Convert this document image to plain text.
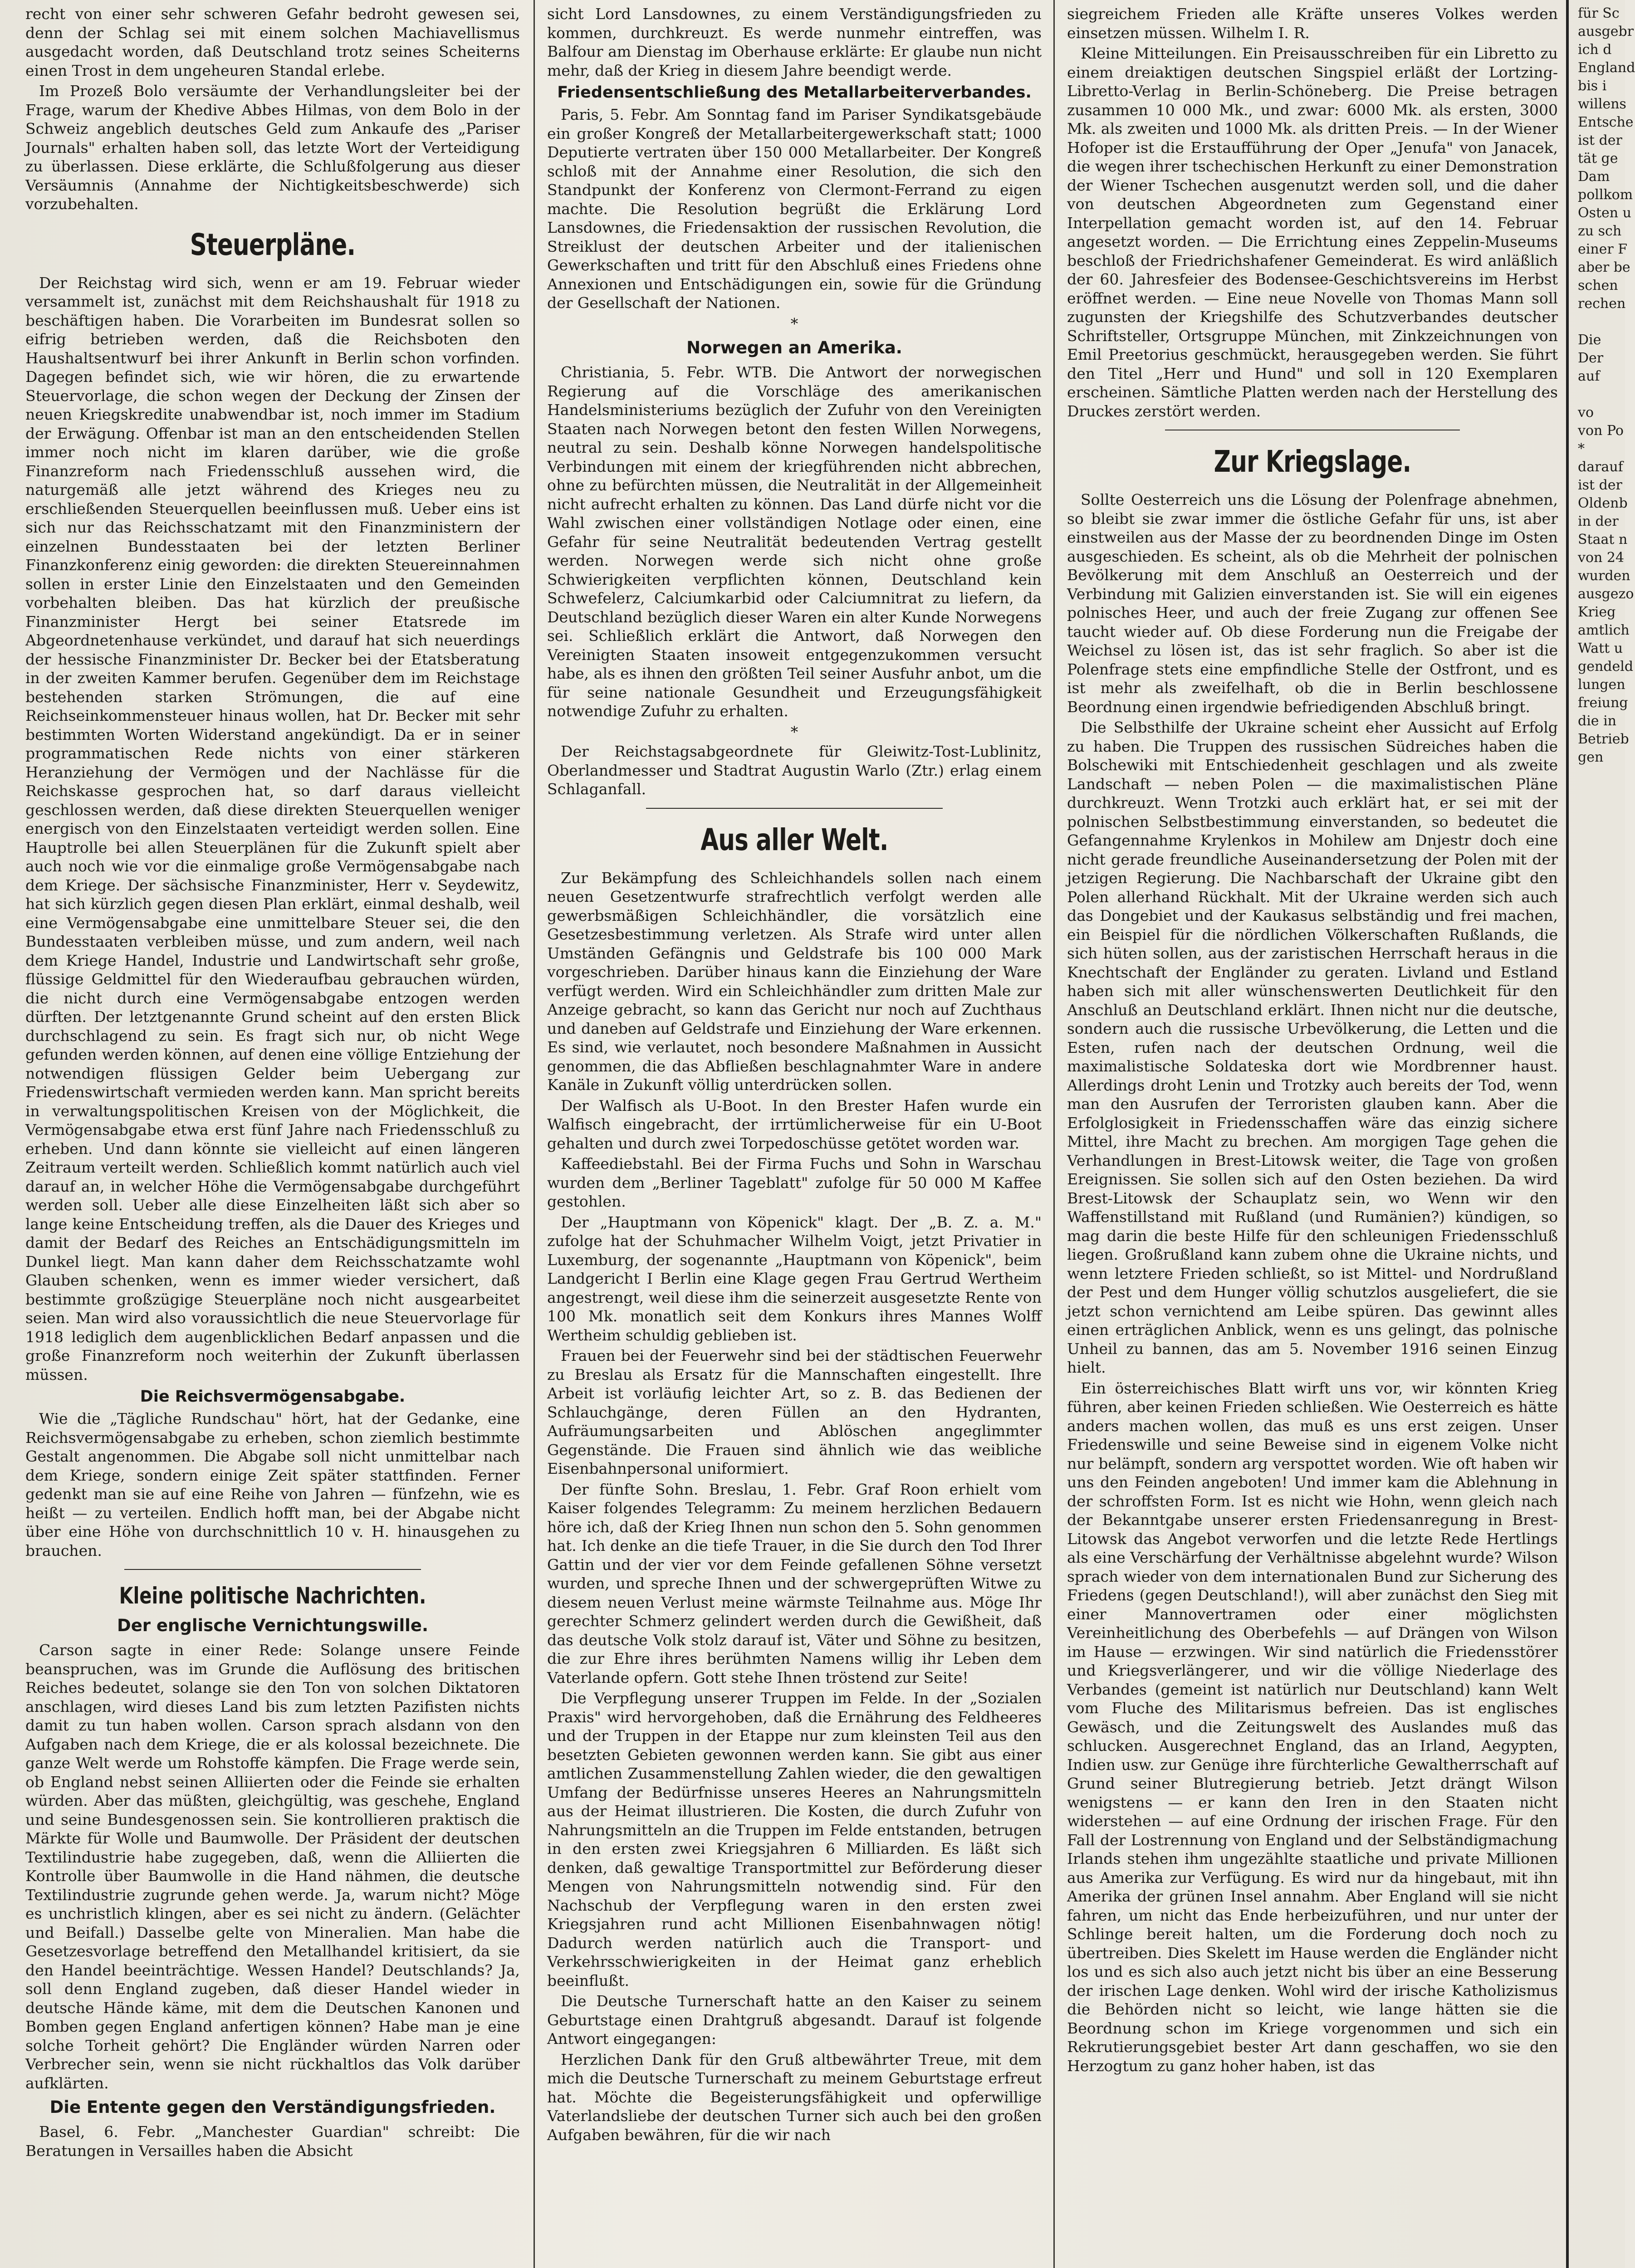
recht von einer sehr schweren Gefahr bedroht gewesen sei, denn der Schlag sei mit einem solchen Machiavellismus ausgedacht worden, daß Deutschland trotz seines Scheiterns einen Trost in dem ungeheuren Standal erlebe.

Im Prozeß Bolo versäumte der Verhandlungsleiter bei der Frage, warum der Khedive Abbes Hilmas, von dem Bolo in der Schweiz angeblich deutsches Geld zum Ankaufe des „Pariser Journals" erhalten haben soll, das letzte Wort der Verteidigung zu überlassen. Diese erklärte, die Schlußfolgerung aus dieser Versäumnis (Annahme der Nichtigkeitsbeschwerde) sich vorzubehalten.

Steuerpläne.

Der Reichstag wird sich, wenn er am 19. Februar wieder versammelt ist, zunächst mit dem Reichshaushalt für 1918 zu beschäftigen haben. Die Vorarbeiten im Bundesrat sollen so eifrig betrieben werden, daß die Reichsboten den Haushaltsentwurf bei ihrer Ankunft in Berlin schon vorfinden. Dagegen befindet sich, wie wir hören, die zu erwartende Steuervorlage, die schon wegen der Deckung der Zinsen der neuen Kriegskredite unabwendbar ist, noch immer im Stadium der Erwägung. Offenbar ist man an den entscheidenden Stellen immer noch nicht im klaren darüber, wie die große Finanzreform nach Friedensschluß aussehen wird, die naturgemäß alle jetzt während des Krieges neu zu erschließenden Steuerquellen beeinflussen muß. Ueber eins ist sich nur das Reichsschatzamt mit den Finanzministern der einzelnen Bundesstaaten bei der letzten Berliner Finanzkonferenz einig geworden: die direkten Steuereinnahmen sollen in erster Linie den Einzelstaaten und den Gemeinden vorbehalten bleiben. Das hat kürzlich der preußische Finanzminister Hergt bei seiner Etatsrede im Abgeordnetenhause verkündet, und darauf hat sich neuerdings der hessische Finanzminister Dr. Becker bei der Etatsberatung in der zweiten Kammer berufen. Gegenüber dem im Reichstage bestehenden starken Strömungen, die auf eine Reichseinkommensteuer hinaus wollen, hat Dr. Becker mit sehr bestimmten Worten Widerstand angekündigt. Da er in seiner programmatischen Rede nichts von einer stärkeren Heranziehung der Vermögen und der Nachlässe für die Reichskasse gesprochen hat, so darf daraus vielleicht geschlossen werden, daß diese direkten Steuerquellen weniger energisch von den Einzelstaaten verteidigt werden sollen. Eine Hauptrolle bei allen Steuerplänen für die Zukunft spielt aber auch noch wie vor die einmalige große Vermögensabgabe nach dem Kriege. Der sächsische Finanzminister, Herr v. Seydewitz, hat sich kürzlich gegen diesen Plan erklärt, einmal deshalb, weil eine Vermögensabgabe eine unmittelbare Steuer sei, die den Bundesstaaten verbleiben müsse, und zum andern, weil nach dem Kriege Handel, Industrie und Landwirtschaft sehr große, flüssige Geldmittel für den Wiederaufbau gebrauchen würden, die nicht durch eine Vermögensabgabe entzogen werden dürften. Der letztgenannte Grund scheint auf den ersten Blick durchschlagend zu sein. Es fragt sich nur, ob nicht Wege gefunden werden können, auf denen eine völlige Entziehung der notwendigen flüssigen Gelder beim Uebergang zur Friedenswirtschaft vermieden werden kann. Man spricht bereits in verwaltungspolitischen Kreisen von der Möglichkeit, die Vermögensabgabe etwa erst fünf Jahre nach Friedensschluß zu erheben. Und dann könnte sie vielleicht auf einen längeren Zeitraum verteilt werden. Schließlich kommt natürlich auch viel darauf an, in welcher Höhe die Vermögensabgabe durchgeführt werden soll. Ueber alle diese Einzelheiten läßt sich aber so lange keine Entscheidung treffen, als die Dauer des Krieges und damit der Bedarf des Reiches an Entschädigungsmitteln im Dunkel liegt. Man kann daher dem Reichsschatzamte wohl Glauben schenken, wenn es immer wieder versichert, daß bestimmte großzügige Steuerpläne noch nicht ausgearbeitet seien. Man wird also voraussichtlich die neue Steuervorlage für 1918 lediglich dem augenblicklichen Bedarf anpassen und die große Finanzreform noch weiterhin der Zukunft überlassen müssen.

Die Reichsvermögensabgabe.

Wie die „Tägliche Rundschau" hört, hat der Gedanke, eine Reichsvermögensabgabe zu erheben, schon ziemlich bestimmte Gestalt angenommen. Die Abgabe soll nicht unmittelbar nach dem Kriege, sondern einige Zeit später stattfinden. Ferner gedenkt man sie auf eine Reihe von Jahren — fünfzehn, wie es heißt — zu verteilen. Endlich hofft man, bei der Abgabe nicht über eine Höhe von durchschnittlich 10 v. H. hinausgehen zu brauchen.

Kleine politische Nachrichten.
Der englische Vernichtungswille.

Carson sagte in einer Rede: Solange unsere Feinde beanspruchen, was im Grunde die Auflösung des britischen Reiches bedeutet, solange sie den Ton von solchen Diktatoren anschlagen, wird dieses Land bis zum letzten Pazifisten nichts damit zu tun haben wollen. Carson sprach alsdann von den Aufgaben nach dem Kriege, die er als kolossal bezeichnete. Die ganze Welt werde um Rohstoffe kämpfen. Die Frage werde sein, ob England nebst seinen Alliierten oder die Feinde sie erhalten würden. Aber das müßten, gleichgültig, was geschehe, England und seine Bundesgenossen sein. Sie kontrollieren praktisch die Märkte für Wolle und Baumwolle. Der Präsident der deutschen Textilindustrie habe zugegeben, daß, wenn die Alliierten die Kontrolle über Baumwolle in die Hand nähmen, die deutsche Textilindustrie zugrunde gehen werde. Ja, warum nicht? Möge es unchristlich klingen, aber es sei nicht zu ändern. (Gelächter und Beifall.) Dasselbe gelte von Mineralien. Man habe die Gesetzesvorlage betreffend den Metallhandel kritisiert, da sie den Handel beeinträchtige. Wessen Handel? Deutschlands? Ja, soll denn England zugeben, daß dieser Handel wieder in deutsche Hände käme, mit dem die Deutschen Kanonen und Bomben gegen England anfertigen können? Habe man je eine solche Torheit gehört? Die Engländer würden Narren oder Verbrecher sein, wenn sie nicht rückhaltlos das Volk darüber aufklärten.

Die Entente gegen den Verständigungsfrieden.

Basel, 6. Febr. „Manchester Guardian" schreibt: Die Beratungen in Versailles haben die Absicht

sicht Lord Lansdownes, zu einem Verständigungsfrieden zu kommen, durchkreuzt. Es werde nunmehr eintreffen, was Balfour am Dienstag im Oberhause erklärte: Er glaube nun nicht mehr, daß der Krieg in diesem Jahre beendigt werde.

Friedensentschließung des Metallarbeiterverbandes.

Paris, 5. Febr. Am Sonntag fand im Pariser Syndikatsgebäude ein großer Kongreß der Metallarbeitergewerkschaft statt; 1000 Deputierte vertraten über 150 000 Metallarbeiter. Der Kongreß schloß mit der Annahme einer Resolution, die sich den Standpunkt der Konferenz von Clermont-Ferrand zu eigen machte. Die Resolution begrüßt die Erklärung Lord Lansdownes, die Friedensaktion der russischen Revolution, die Streiklust der deutschen Arbeiter und der italienischen Gewerkschaften und tritt für den Abschluß eines Friedens ohne Annexionen und Entschädigungen ein, sowie für die Gründung der Gesellschaft der Nationen.

*
Norwegen an Amerika.

Christiania, 5. Febr. WTB. Die Antwort der norwegischen Regierung auf die Vorschläge des amerikanischen Handelsministeriums bezüglich der Zufuhr von den Vereinigten Staaten nach Norwegen betont den festen Willen Norwegens, neutral zu sein. Deshalb könne Norwegen handelspolitische Verbindungen mit einem der kriegführenden nicht abbrechen, ohne zu befürchten müssen, die Neutralität in der Allgemeinheit nicht aufrecht erhalten zu können. Das Land dürfe nicht vor die Wahl zwischen einer vollständigen Notlage oder einen, eine Gefahr für seine Neutralität bedeutenden Vertrag gestellt werden. Norwegen werde sich nicht ohne große Schwierigkeiten verpflichten können, Deutschland kein Schwefelerz, Calciumkarbid oder Calciumnitrat zu liefern, da Deutschland bezüglich dieser Waren ein alter Kunde Norwegens sei. Schließlich erklärt die Antwort, daß Norwegen den Vereinigten Staaten insoweit entgegenzukommen versucht habe, als es ihnen den größten Teil seiner Ausfuhr anbot, um die für seine nationale Gesundheit und Erzeugungsfähigkeit notwendige Zufuhr zu erhalten.

*

Der Reichstagsabgeordnete für Gleiwitz-Tost-Lublinitz, Oberlandmesser und Stadtrat Augustin Warlo (Ztr.) erlag einem Schlaganfall.

Aus aller Welt.

Zur Bekämpfung des Schleichhandels sollen nach einem neuen Gesetzentwurfe strafrechtlich verfolgt werden alle gewerbsmäßigen Schleichhändler, die vorsätzlich eine Gesetzesbestimmung verletzen. Als Strafe wird unter allen Umständen Gefängnis und Geldstrafe bis 100 000 Mark vorgeschrieben. Darüber hinaus kann die Einziehung der Ware verfügt werden. Wird ein Schleichhändler zum dritten Male zur Anzeige gebracht, so kann das Gericht nur noch auf Zuchthaus und daneben auf Geldstrafe und Einziehung der Ware erkennen. Es sind, wie verlautet, noch besondere Maßnahmen in Aussicht genommen, die das Abfließen beschlagnahmter Ware in andere Kanäle in Zukunft völlig unterdrücken sollen.

Der Walfisch als U-Boot. In den Brester Hafen wurde ein Walfisch eingebracht, der irrtümlicherweise für ein U-Boot gehalten und durch zwei Torpedoschüsse getötet worden war.

Kaffeediebstahl. Bei der Firma Fuchs und Sohn in Warschau wurden dem „Berliner Tageblatt" zufolge für 50 000 M Kaffee gestohlen.

Der „Hauptmann von Köpenick" klagt. Der „B. Z. a. M." zufolge hat der Schuhmacher Wilhelm Voigt, jetzt Privatier in Luxemburg, der sogenannte „Hauptmann von Köpenick", beim Landgericht I Berlin eine Klage gegen Frau Gertrud Wertheim angestrengt, weil diese ihm die seinerzeit ausgesetzte Rente von 100 Mk. monatlich seit dem Konkurs ihres Mannes Wolff Wertheim schuldig geblieben ist.

Frauen bei der Feuerwehr sind bei der städtischen Feuerwehr zu Breslau als Ersatz für die Mannschaften eingestellt. Ihre Arbeit ist vorläufig leichter Art, so z. B. das Bedienen der Schlauchgänge, deren Füllen an den Hydranten, Aufräumungsarbeiten und Ablöschen angeglimmter Gegenstände. Die Frauen sind ähnlich wie das weibliche Eisenbahnpersonal uniformiert.

Der fünfte Sohn. Breslau, 1. Febr. Graf Roon erhielt vom Kaiser folgendes Telegramm: Zu meinem herzlichen Bedauern höre ich, daß der Krieg Ihnen nun schon den 5. Sohn genommen hat. Ich denke an die tiefe Trauer, in die Sie durch den Tod Ihrer Gattin und der vier vor dem Feinde gefallenen Söhne versetzt wurden, und spreche Ihnen und der schwergeprüften Witwe zu diesem neuen Verlust meine wärmste Teilnahme aus. Möge Ihr gerechter Schmerz gelindert werden durch die Gewißheit, daß das deutsche Volk stolz darauf ist, Väter und Söhne zu besitzen, die zur Ehre ihres berühmten Namens willig ihr Leben dem Vaterlande opfern. Gott stehe Ihnen tröstend zur Seite!

Die Verpflegung unserer Truppen im Felde. In der „Sozialen Praxis" wird hervorgehoben, daß die Ernährung des Feldheeres und der Truppen in der Etappe nur zum kleinsten Teil aus den besetzten Gebieten gewonnen werden kann. Sie gibt aus einer amtlichen Zusammenstellung Zahlen wieder, die den gewaltigen Umfang der Bedürfnisse unseres Heeres an Nahrungsmitteln aus der Heimat illustrieren. Die Kosten, die durch Zufuhr von Nahrungsmitteln an die Truppen im Felde entstanden, betrugen in den ersten zwei Kriegsjahren 6 Milliarden. Es läßt sich denken, daß gewaltige Transportmittel zur Beförderung dieser Mengen von Nahrungsmitteln notwendig sind. Für den Nachschub der Verpflegung waren in den ersten zwei Kriegsjahren rund acht Millionen Eisenbahnwagen nötig! Dadurch werden natürlich auch die Transport- und Verkehrsschwierigkeiten in der Heimat ganz erheblich beeinflußt.

Die Deutsche Turnerschaft hatte an den Kaiser zu seinem Geburtstage einen Drahtgruß abgesandt. Darauf ist folgende Antwort eingegangen:

Herzlichen Dank für den Gruß altbewährter Treue, mit dem mich die Deutsche Turnerschaft zu meinem Geburtstage erfreut hat. Möchte die Begeisterungsfähigkeit und opferwillige Vaterlandsliebe der deutschen Turner sich auch bei den großen Aufgaben bewähren, für die wir nach

siegreichem Frieden alle Kräfte unseres Volkes werden einsetzen müssen. Wilhelm I. R.

Kleine Mitteilungen. Ein Preisausschreiben für ein Libretto zu einem dreiaktigen deutschen Singspiel erläßt der Lortzing-Libretto-Verlag in Berlin-Schöneberg. Die Preise betragen zusammen 10 000 Mk., und zwar: 6000 Mk. als ersten, 3000 Mk. als zweiten und 1000 Mk. als dritten Preis. — In der Wiener Hofoper ist die Erstaufführung der Oper „Jenufa" von Janacek, die wegen ihrer tschechischen Herkunft zu einer Demonstration der Wiener Tschechen ausgenutzt werden soll, und die daher von deutschen Abgeordneten zum Gegenstand einer Interpellation gemacht worden ist, auf den 14. Februar angesetzt worden. — Die Errichtung eines Zeppelin-Museums beschloß der Friedrichshafener Gemeinderat. Es wird anläßlich der 60. Jahresfeier des Bodensee-Geschichtsvereins im Herbst eröffnet werden. — Eine neue Novelle von Thomas Mann soll zugunsten der Kriegshilfe des Schutzverbandes deutscher Schriftsteller, Ortsgruppe München, mit Zinkzeichnungen von Emil Preetorius geschmückt, herausgegeben werden. Sie führt den Titel „Herr und Hund" und soll in 120 Exemplaren erscheinen. Sämtliche Platten werden nach der Herstellung des Druckes zerstört werden.

Zur Kriegslage.

Sollte Oesterreich uns die Lösung der Polenfrage abnehmen, so bleibt sie zwar immer die östliche Gefahr für uns, ist aber einstweilen aus der Masse der zu beordnenden Dinge im Osten ausgeschieden. Es scheint, als ob die Mehrheit der polnischen Bevölkerung mit dem Anschluß an Oesterreich und der Verbindung mit Galizien einverstanden ist. Sie will ein eigenes polnisches Heer, und auch der freie Zugang zur offenen See taucht wieder auf. Ob diese Forderung nun die Freigabe der Weichsel zu lösen ist, das ist sehr fraglich. So aber ist die Polenfrage stets eine empfindliche Stelle der Ostfront, und es ist mehr als zweifelhaft, ob die in Berlin beschlossene Beordnung einen irgendwie befriedigenden Abschluß bringt.

Die Selbsthilfe der Ukraine scheint eher Aussicht auf Erfolg zu haben. Die Truppen des russischen Südreiches haben die Bolschewiki mit Entschiedenheit geschlagen und als zweite Landschaft — neben Polen — die maximalistischen Pläne durchkreuzt. Wenn Trotzki auch erklärt hat, er sei mit der polnischen Selbstbestimmung einverstanden, so bedeutet die Gefangennahme Krylenkos in Mohilew am Dnjestr doch eine nicht gerade freundliche Auseinandersetzung der Polen mit der jetzigen Regierung. Die Nachbarschaft der Ukraine gibt den Polen allerhand Rückhalt. Mit der Ukraine werden sich auch das Dongebiet und der Kaukasus selbständig und frei machen, ein Beispiel für die nördlichen Völkerschaften Rußlands, die sich hüten sollen, aus der zaristischen Herrschaft heraus in die Knechtschaft der Engländer zu geraten. Livland und Estland haben sich mit aller wünschenswerten Deutlichkeit für den Anschluß an Deutschland erklärt. Ihnen nicht nur die deutsche, sondern auch die russische Urbevölkerung, die Letten und die Esten, rufen nach der deutschen Ordnung, weil die maximalistische Soldateska dort wie Mordbrenner haust. Allerdings droht Lenin und Trotzky auch bereits der Tod, wenn man den Ausrufen der Terroristen glauben kann. Aber die Erfolglosigkeit in Friedensschaffen wäre das einzig sichere Mittel, ihre Macht zu brechen. Am morgigen Tage gehen die Verhandlungen in Brest-Litowsk weiter, die Tage von großen Ereignissen. Sie sollen sich auf den Osten beziehen. Da wird Brest-Litowsk der Schauplatz sein, wo Wenn wir den Waffenstillstand mit Rußland (und Rumänien?) kündigen, so mag darin die beste Hilfe für den schleunigen Friedensschluß liegen. Großrußland kann zubem ohne die Ukraine nichts, und wenn letztere Frieden schließt, so ist Mittel- und Nordrußland der Pest und dem Hunger völlig schutzlos ausgeliefert, die sie jetzt schon vernichtend am Leibe spüren. Das gewinnt alles einen erträglichen Anblick, wenn es uns gelingt, das polnische Unheil zu bannen, das am 5. November 1916 seinen Einzug hielt.

Ein österreichisches Blatt wirft uns vor, wir könnten Krieg führen, aber keinen Frieden schließen. Wie Oesterreich es hätte anders machen wollen, das muß es uns erst zeigen. Unser Friedenswille und seine Beweise sind in eigenem Volke nicht nur belämpft, sondern arg verspottet worden. Wie oft haben wir uns den Feinden angeboten! Und immer kam die Ablehnung in der schroffsten Form. Ist es nicht wie Hohn, wenn gleich nach der Bekanntgabe unserer ersten Friedensanregung in Brest-Litowsk das Angebot verworfen und die letzte Rede Hertlings als eine Verschärfung der Verhältnisse abgelehnt wurde? Wilson sprach wieder von dem internationalen Bund zur Sicherung des Friedens (gegen Deutschland!), will aber zunächst den Sieg mit einer Mannovertramen oder einer möglichsten Vereinheitlichung des Oberbefehls — auf Drängen von Wilson im Hause — erzwingen. Wir sind natürlich die Friedensstörer und Kriegsverlängerer, und wir die völlige Niederlage des Verbandes (gemeint ist natürlich nur Deutschland) kann Welt vom Fluche des Militarismus befreien. Das ist englisches Gewäsch, und die Zeitungswelt des Auslandes muß das schlucken. Ausgerechnet England, das an Irland, Aegypten, Indien usw. zur Genüge ihre fürchterliche Gewaltherrschaft auf Grund seiner Blutregierung betrieb. Jetzt drängt Wilson wenigstens — er kann den Iren in den Staaten nicht widerstehen — auf eine Ordnung der irischen Frage. Für den Fall der Lostrennung von England und der Selbständigmachung Irlands stehen ihm ungezählte staatliche und private Millionen aus Amerika zur Verfügung. Es wird nur da hingebaut, mit ihn Amerika der grünen Insel annahm. Aber England will sie nicht fahren, um nicht das Ende herbeizuführen, und nur unter der Schlinge bereit halten, um die Forderung doch noch zu übertreiben. Dies Skelett im Hause werden die Engländer nicht los und es sich also auch jetzt nicht bis über an eine Besserung der irischen Lage denken. Wohl wird der irische Katholizismus die Behörden nicht so leicht, wie lange hätten sie die Beordnung schon im Kriege vorgenommen und sich ein Rekrutierungsgebiet bester Art dann geschaffen, wo sie den Herzogtum zu ganz hoher haben, ist das

für Sc
ausgebr
ich d
England
bis i
willens
Entsche
ist der
tät ge
Dam
pollkom
Osten u
zu sch
einer F
aber be
schen
rechen

Die
Der
auf

vo
von Po
*
darauf
ist der
Oldenb
in der
Staat n
von 24
wurden
ausgezo
Krieg
amtlich
Watt u
gendeld
lungen
freiung
die in
Betrieb
gen
